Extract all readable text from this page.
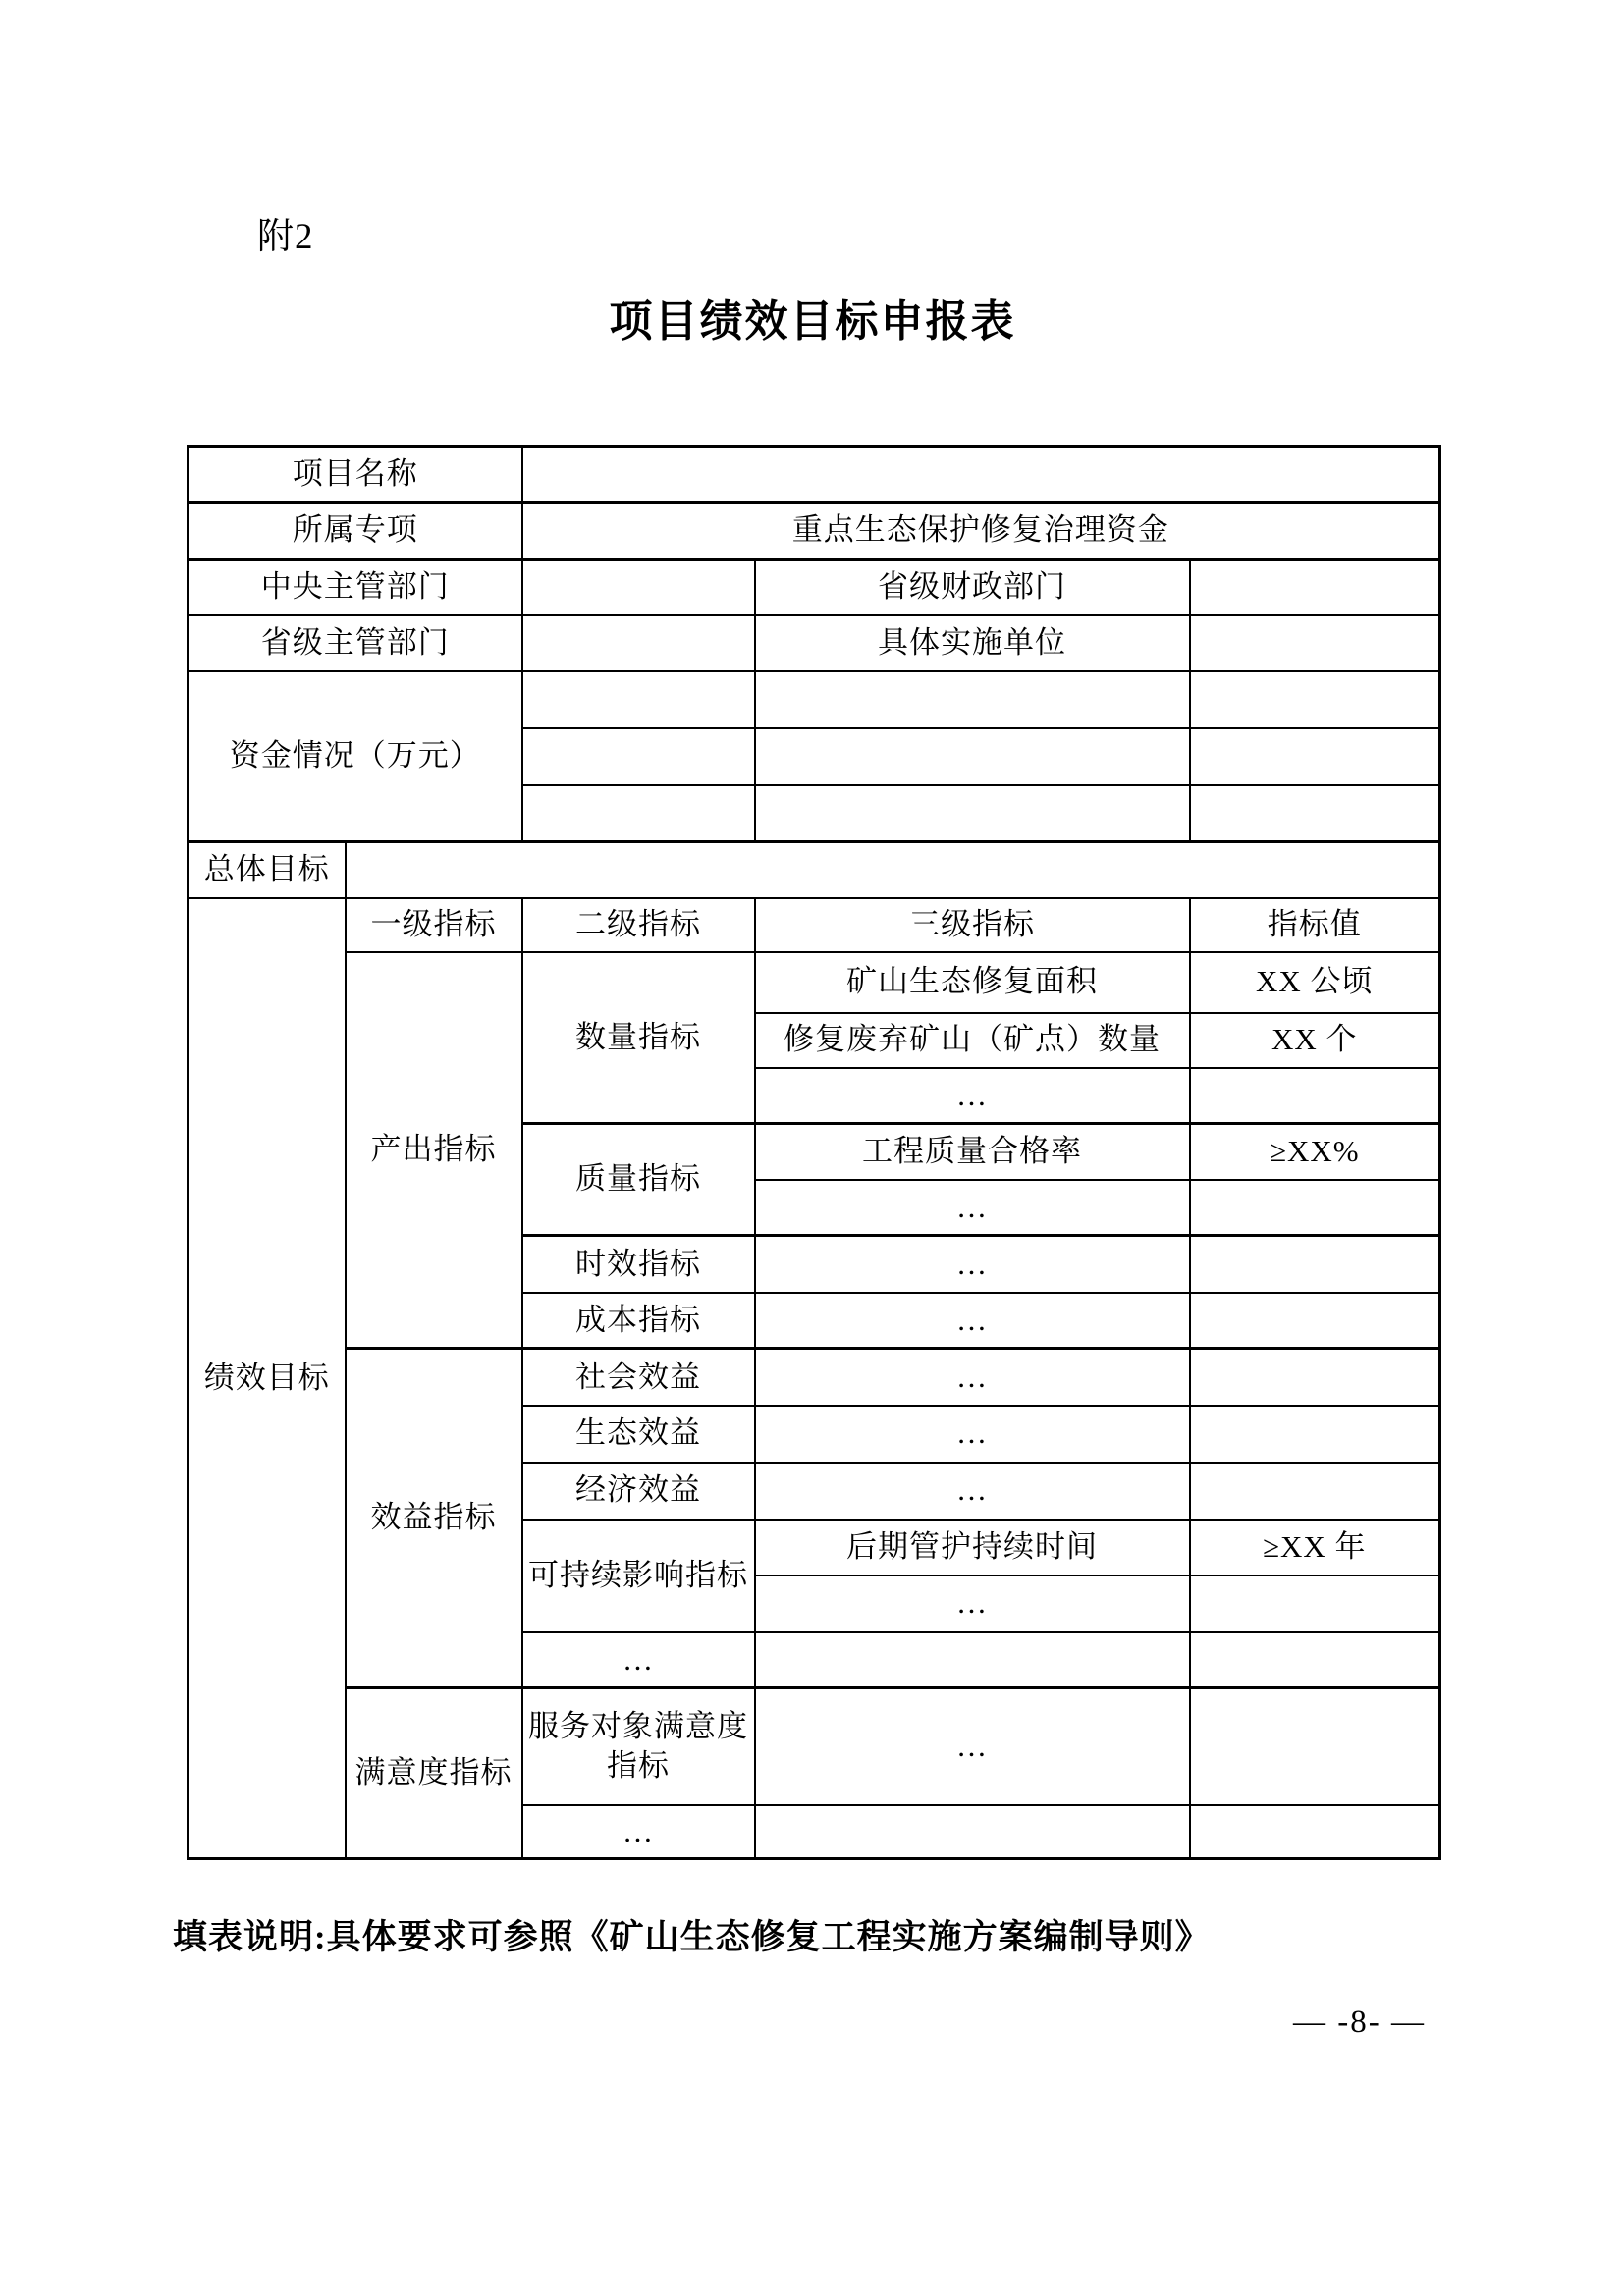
附2
项目绩效目标申报表
项目名称				
所属专项		重点生态保护修复治理资金		
中央主管部门			省级财政部门	
省级主管部门			具体实施单位	
资金情况（万元）				

总体目标				
绩效目标	一级指标	二级指标	三级指标	指标值
	产出指标	数量指标	矿山生态修复面积	XX 公顷
			修复废弃矿山（矿点）数量	XX 个
			…	
		质量指标	工程质量合格率	≥XX%
			…	
		时效指标	…	
		成本指标	…	
	效益指标	社会效益	…	
		生态效益	…	
		经济效益	…	
		可持续影响指标	后期管护持续时间	≥XX 年
			…	
		…		
	满意度指标	服务对象满意度指标	…	
		…		
填表说明:具体要求可参照《矿山生态修复工程实施方案编制导则》
— -8- —
